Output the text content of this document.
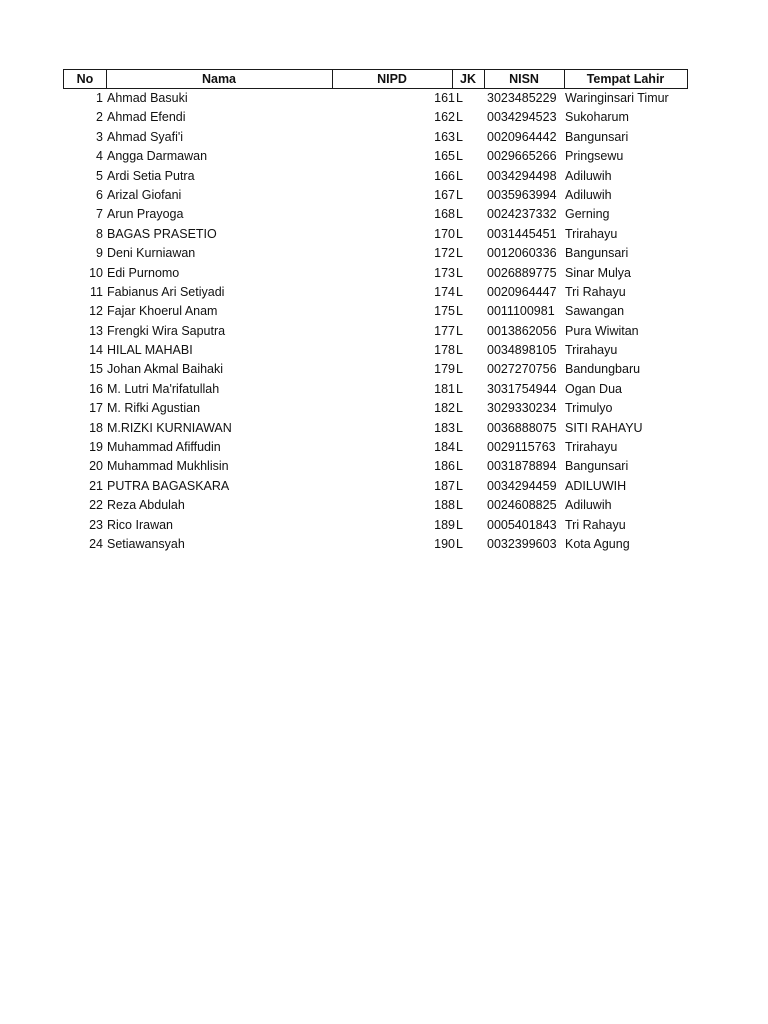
No	Nama	NIPD	JK	NISN	Tempat Lahir
1 Ahmad Basuki	161 L	3023485229 Waringinsari Timur
2 Ahmad Efendi	162 L	0034294523 Sukoharum
3 Ahmad Syafi'i	163 L	0020964442 Bangunsari
4 Angga Darmawan	165 L	0029665266 Pringsewu
5 Ardi Setia Putra	166 L	0034294498 Adiluwih
6 Arizal Giofani	167 L	0035963994 Adiluwih
7 Arun Prayoga	168 L	0024237332 Gerning
8 BAGAS PRASETIO	170 L	0031445451 Trirahayu
9 Deni Kurniawan	172 L	0012060336 Bangunsari
10 Edi Purnomo	173 L	0026889775 Sinar Mulya
11 Fabianus Ari Setiyadi	174 L	0020964447 Tri Rahayu
12 Fajar Khoerul Anam	175 L	0011100981 Sawangan
13 Frengki Wira Saputra	177 L	0013862056 Pura Wiwitan
14 HILAL MAHABI	178 L	0034898105 Trirahayu
15 Johan Akmal Baihaki	179 L	0027270756 Bandungbaru
16 M. Lutri Ma'rifatullah	181 L	3031754944 Ogan Dua
17 M. Rifki Agustian	182 L	3029330234 Trimulyo
18 M.RIZKI KURNIAWAN	183 L	0036888075 SITI RAHAYU
19 Muhammad Afiffudin	184 L	0029115763 Trirahayu
20 Muhammad Mukhlisin	186 L	0031878894 Bangunsari
21 PUTRA BAGASKARA	187 L	0034294459 ADILUWIH
22 Reza Abdulah	188 L	0024608825 Adiluwih
23 Rico Irawan	189 L	0005401843 Tri Rahayu
24 Setiawansyah	190 L	0032399603 Kota Agung
